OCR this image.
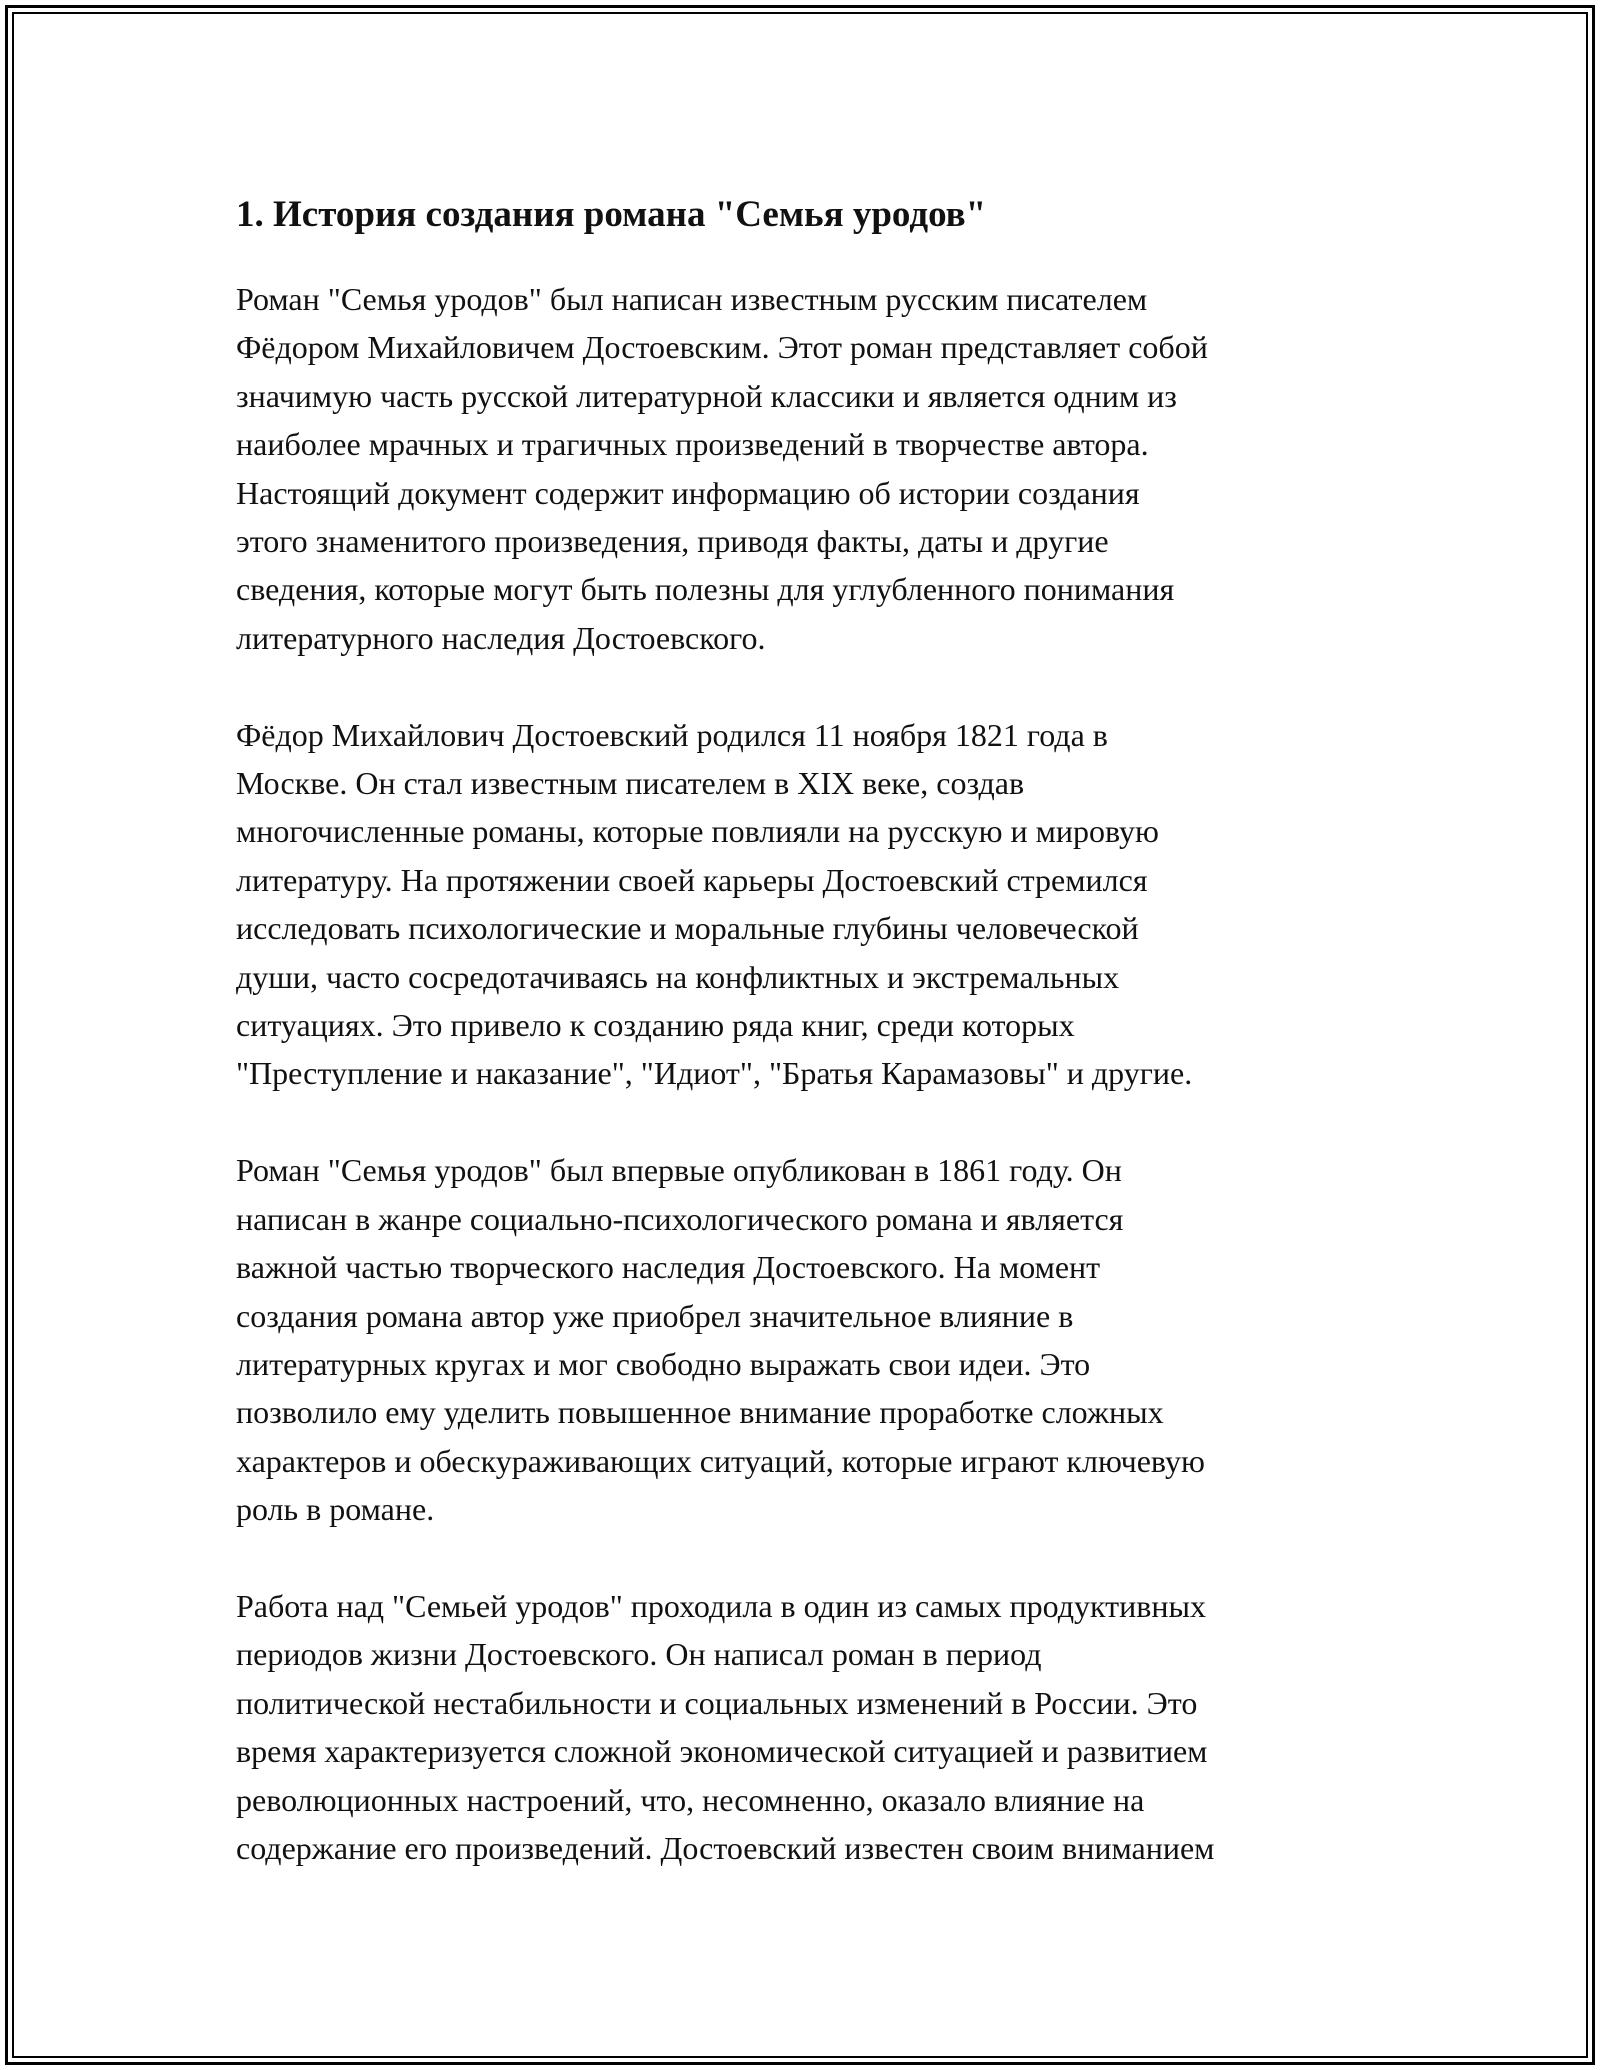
1. История создания романа "Семья уродов"

Роман "Семья уродов" был написан известным русским писателем
Фёдором Михайловичем Достоевским. Этот роман представляет собой
значимую часть русской литературной классики и является одним из
наиболее мрачных и трагичных произведений в творчестве автора.
Настоящий документ содержит информацию об истории создания
этого знаменитого произведения, приводя факты, даты и другие
сведения, которые могут быть полезны для углубленного понимания
литературного наследия Достоевского.

Фёдор Михайлович Достоевский родился 11 ноября 1821 года в
Москве. Он стал известным писателем в XIX веке, создав
многочисленные романы, которые повлияли на русскую и мировую
литературу. На протяжении своей карьеры Достоевский стремился
исследовать психологические и моральные глубины человеческой
души, часто сосредотачиваясь на конфликтных и экстремальных
ситуациях. Это привело к созданию ряда книг, среди которых
"Преступление и наказание", "Идиот", "Братья Карамазовы" и другие.

Роман "Семья уродов" был впервые опубликован в 1861 году. Он
написан в жанре социально-психологического романа и является
важной частью творческого наследия Достоевского. На момент
создания романа автор уже приобрел значительное влияние в
литературных кругах и мог свободно выражать свои идеи. Это
позволило ему уделить повышенное внимание проработке сложных
характеров и обескураживающих ситуаций, которые играют ключевую
роль в романе.

Работа над "Семьей уродов" проходила в один из самых продуктивных
периодов жизни Достоевского. Он написал роман в период
политической нестабильности и социальных изменений в России. Это
время характеризуется сложной экономической ситуацией и развитием
революционных настроений, что, несомненно, оказало влияние на
содержание его произведений. Достоевский известен своим вниманием
